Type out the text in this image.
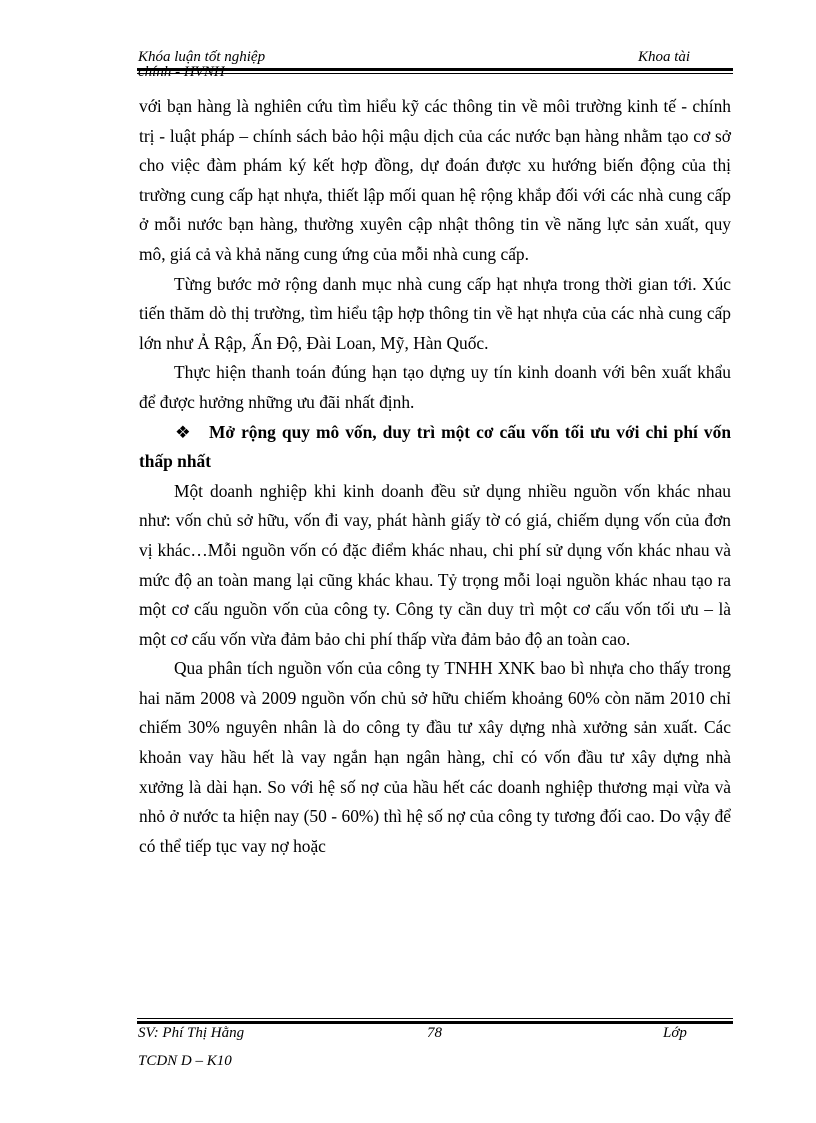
Khóa luận tốt nghiệp	Khoa tài
chính - HVNH

với bạn hàng là nghiên cứu tìm hiểu kỹ các thông tin về môi trường kinh tế - chính trị - luật pháp – chính sách bảo hội mậu dịch của các nước bạn hàng nhằm tạo cơ sở cho việc đàm phám ký kết hợp đồng, dự đoán được xu hướng biến động của thị trường cung cấp hạt nhựa, thiết lập mối quan hệ rộng khắp đối với các nhà cung cấp ở mỗi nước bạn hàng, thường xuyên cập nhật thông tin về năng lực sản xuất, quy mô, giá cả và khả năng cung ứng của mỗi nhà cung cấp.

Từng bước mở rộng danh mục nhà cung cấp hạt nhựa trong thời gian tới. Xúc tiến thăm dò thị trường, tìm hiểu tập hợp thông tin về hạt nhựa của các nhà cung cấp lớn như Ả Rập, Ấn Độ, Đài Loan, Mỹ, Hàn Quốc.

Thực hiện thanh toán đúng hạn tạo dựng uy tín kinh doanh với bên xuất khẩu để được hưởng những ưu đãi nhất định.

❖ Mở rộng quy mô vốn, duy trì một cơ cấu vốn tối ưu với chi phí vốn thấp nhất

Một doanh nghiệp khi kinh doanh đều sử dụng nhiều nguồn vốn khác nhau như: vốn chủ sở hữu, vốn đi vay, phát hành giấy tờ có giá, chiếm dụng vốn của đơn vị khác…Mỗi nguồn vốn có đặc điểm khác nhau, chi phí sử dụng vốn khác nhau và mức độ an toàn mang lại cũng khác khau. Tỷ trọng mỗi loại nguồn khác nhau tạo ra một cơ cấu nguồn vốn của công ty. Công ty cần duy trì một cơ cấu vốn tối ưu – là một cơ cấu vốn vừa đảm bảo chi phí thấp vừa đảm bảo độ an toàn cao.

Qua phân tích nguồn vốn của công ty TNHH XNK bao bì nhựa cho thấy trong hai năm 2008 và 2009 nguồn vốn chủ sở hữu chiếm khoảng 60% còn năm 2010 chỉ chiếm 30% nguyên nhân là do công ty đầu tư xây dựng nhà xưởng sản xuất. Các khoản vay hầu hết là vay ngắn hạn ngân hàng, chỉ có vốn đầu tư xây dựng nhà xưởng là dài hạn. So với hệ số nợ của hầu hết các doanh nghiệp thương mại vừa và nhỏ ở nước ta hiện nay (50 - 60%) thì hệ số nợ của công ty tương đối cao. Do vậy để có thể tiếp tục vay nợ hoặc

SV: Phí Thị Hằng	78	Lớp
TCDN D – K10
